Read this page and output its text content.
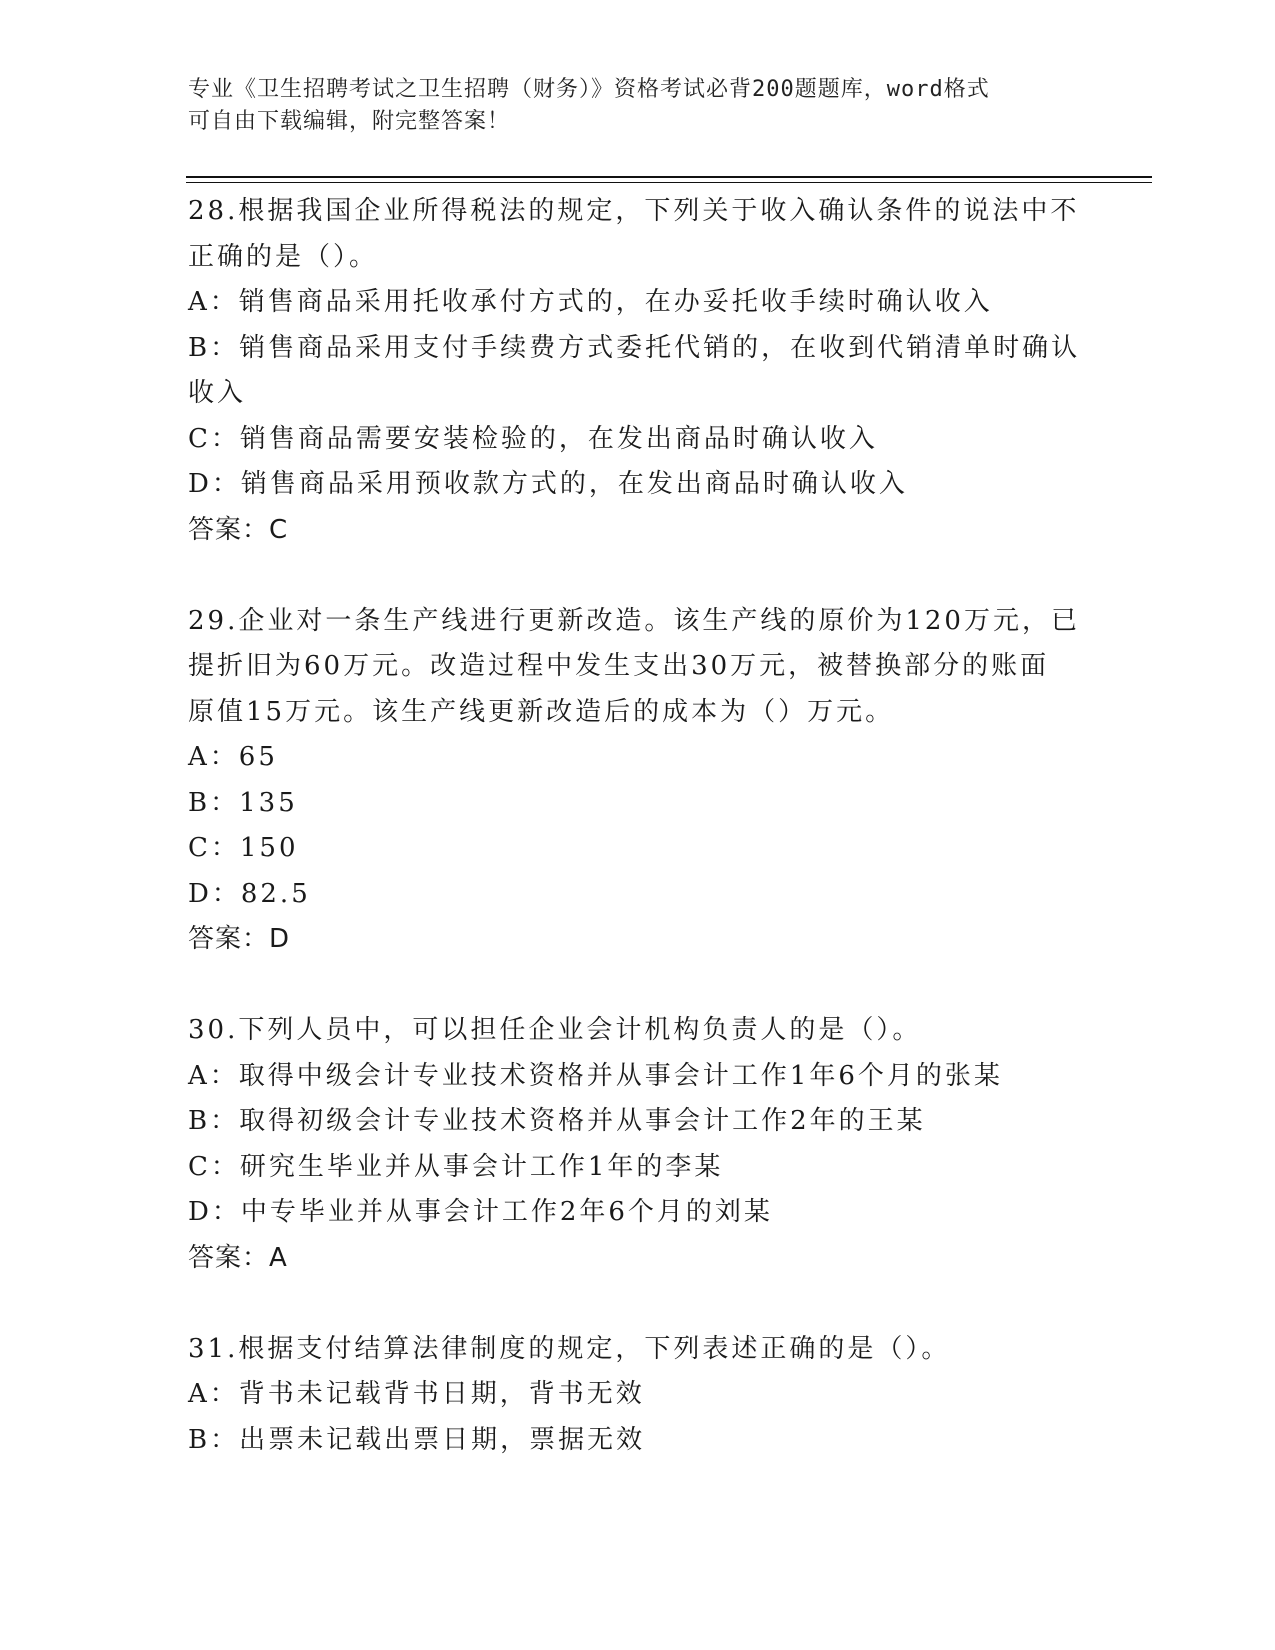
专业《卫生招聘考试之卫生招聘（财务）》资格考试必背200题题库，word格式
可自由下载编辑，附完整答案！
28.根据我国企业所得税法的规定，下列关于收入确认条件的说法中不
正确的是（）。
A：销售商品采用托收承付方式的，在办妥托收手续时确认收入
B：销售商品采用支付手续费方式委托代销的，在收到代销清单时确认
收入
C：销售商品需要安装检验的，在发出商品时确认收入
D：销售商品采用预收款方式的，在发出商品时确认收入
答案：C
29.企业对一条生产线进行更新改造。该生产线的原价为120万元，已
提折旧为60万元。改造过程中发生支出30万元，被替换部分的账面
原值15万元。该生产线更新改造后的成本为（）万元。
A：65
B：135
C：150
D：82.5
答案：D
30.下列人员中，可以担任企业会计机构负责人的是（）。
A：取得中级会计专业技术资格并从事会计工作1年6个月的张某
B：取得初级会计专业技术资格并从事会计工作2年的王某
C：研究生毕业并从事会计工作1年的李某
D：中专毕业并从事会计工作2年6个月的刘某
答案：A
31.根据支付结算法律制度的规定，下列表述正确的是（）。
A：背书未记载背书日期，背书无效
B：出票未记载出票日期，票据无效
